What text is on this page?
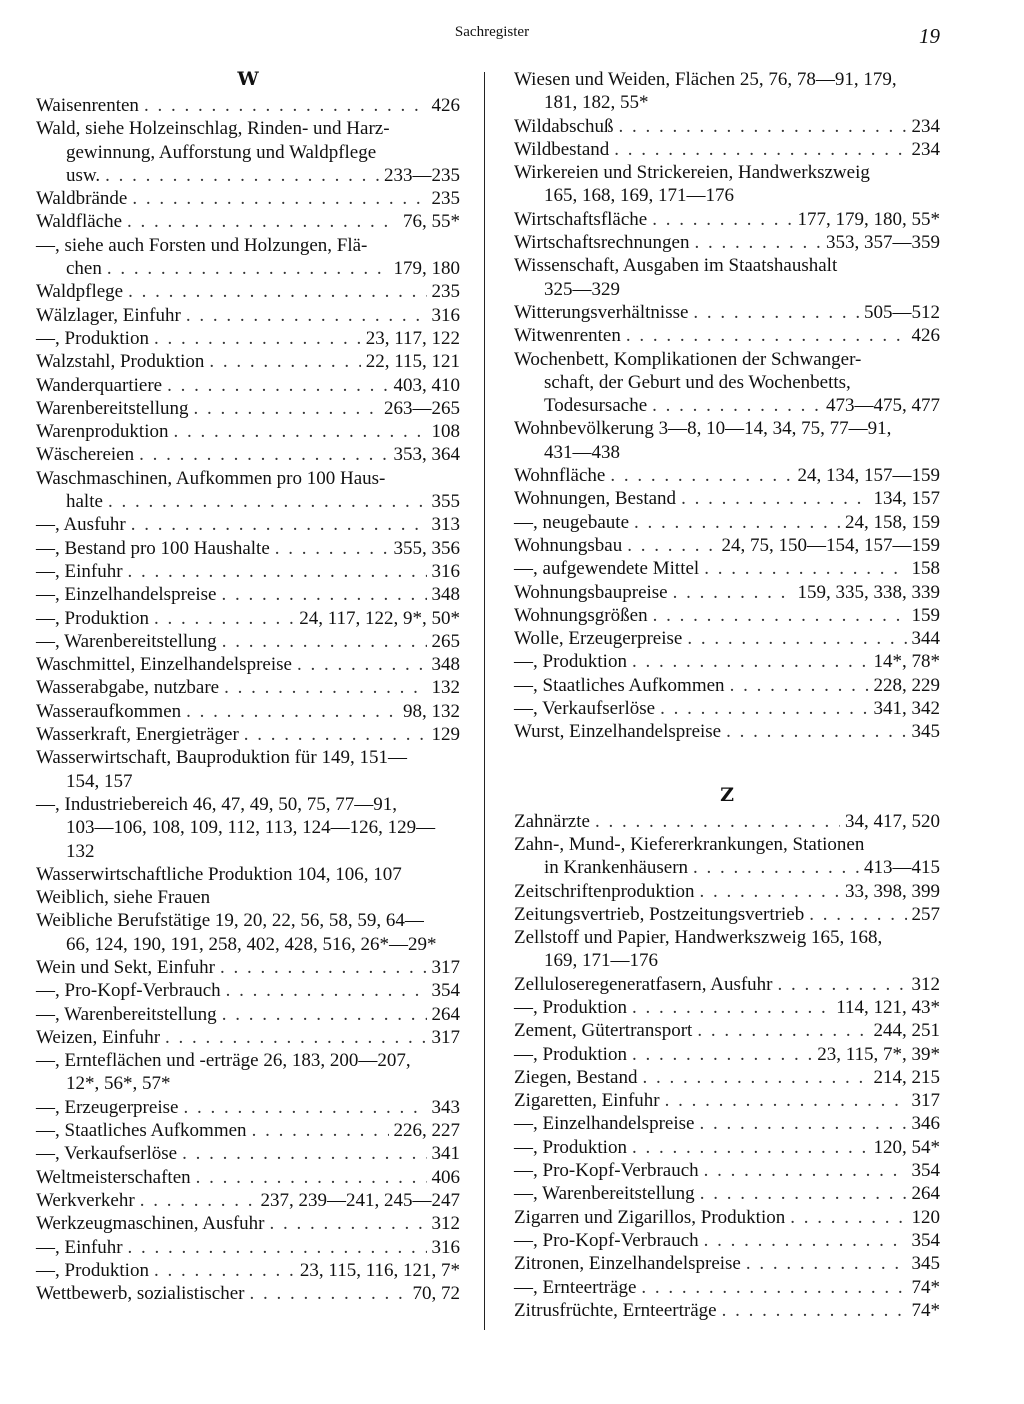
Sachregister	19
W
Waisenrenten . . .	426
Wald, siehe Holzeinschlag, Rinden- und Harz-
gewinnung, Aufforstung und Waldpflege
usw. . . .	233—235
Waldbrände . . .	235
Waldfläche . . .	76, 55*
—, siehe auch Forsten und Holzungen, Flä-
chen . . .	179, 180
Waldpflege . . .	235
Wälzlager, Einfuhr . . .	316
—, Produktion . . .	23, 117, 122
Walzstahl, Produktion . . .	22, 115, 121
Wanderquartiere . . .	403, 410
Warenbereitstellung . . .	263—265
Warenproduktion . . .	108
Wäschereien . . .	353, 364
Waschmaschinen, Aufkommen pro 100 Haus-
halte . . .	355
—, Ausfuhr . . .	313
—, Bestand pro 100 Haushalte . . .	355, 356
—, Einfuhr . . .	316
—, Einzelhandelspreise . . .	348
—, Produktion . . .	24, 117, 122, 9*, 50*
—, Warenbereitstellung . . .	265
Waschmittel, Einzelhandelspreise . . .	348
Wasserabgabe, nutzbare . . .	132
Wasseraufkommen . . .	98, 132
Wasserkraft, Energieträger . . .	129
Wasserwirtschaft, Bauproduktion für 149, 151—
154, 157
—, Industriebereich 46, 47, 49, 50, 75, 77—91,
103—106, 108, 109, 112, 113, 124—126, 129—
132
Wasserwirtschaftliche Produktion 104, 106, 107
Weiblich, siehe Frauen
Weibliche Berufstätige 19, 20, 22, 56, 58, 59, 64—
66, 124, 190, 191, 258, 402, 428, 516, 26*—29*
Wein und Sekt, Einfuhr . . .	317
—, Pro-Kopf-Verbrauch . . .	354
—, Warenbereitstellung . . .	264
Weizen, Einfuhr . . .	317
—, Ernteflächen und -erträge 26, 183, 200—207,
12*, 56*, 57*
—, Erzeugerpreise . . .	343
—, Staatliches Aufkommen . . .	226, 227
—, Verkaufserlöse . . .	341
Weltmeisterschaften . . .	406
Werkverkehr . . .	237, 239—241, 245—247
Werkzeugmaschinen, Ausfuhr . . .	312
—, Einfuhr . . .	316
—, Produktion . . .	23, 115, 116, 121, 7*
Wettbewerb, sozialistischer . . .	70, 72
Wiesen und Weiden, Flächen 25, 76, 78—91, 179,
181, 182, 55*
Wildabschuß . . .	234
Wildbestand . . .	234
Wirkereien und Strickereien, Handwerkszweig
165, 168, 169, 171—176
Wirtschaftsfläche . . .	177, 179, 180, 55*
Wirtschaftsrechnungen . . .	353, 357—359
Wissenschaft, Ausgaben im Staatshaushalt
325—329
Witterungsverhältnisse . . .	505—512
Witwenrenten . . .	426
Wochenbett, Komplikationen der Schwanger-
schaft, der Geburt und des Wochenbetts,
Todesursache . . .	473—475, 477
Wohnbevölkerung 3—8, 10—14, 34, 75, 77—91,
431—438
Wohnfläche . . .	24, 134, 157—159
Wohnungen, Bestand . . .	134, 157
—, neugebaute . . .	24, 158, 159
Wohnungsbau . . .	24, 75, 150—154, 157—159
—, aufgewendete Mittel . . .	158
Wohnungsbaupreise . . .	159, 335, 338, 339
Wohnungsgrößen . . .	159
Wolle, Erzeugerpreise . . .	344
—, Produktion . . .	14*, 78*
—, Staatliches Aufkommen . . .	228, 229
—, Verkaufserlöse . . .	341, 342
Wurst, Einzelhandelspreise . . .	345
Z
Zahnärzte . . .	34, 417, 520
Zahn-, Mund-, Kiefererkrankungen, Stationen
in Krankenhäusern . . .	413—415
Zeitschriftenproduktion . . .	33, 398, 399
Zeitungsvertrieb, Postzeitungsvertrieb . . .	257
Zellstoff und Papier, Handwerkszweig 165, 168,
169, 171—176
Zelluloseregeneratfasern, Ausfuhr . . .	312
—, Produktion . . .	114, 121, 43*
Zement, Gütertransport . . .	244, 251
—, Produktion . . .	23, 115, 7*, 39*
Ziegen, Bestand . . .	214, 215
Zigaretten, Einfuhr . . .	317
—, Einzelhandelspreise . . .	346
—, Produktion . . .	120, 54*
—, Pro-Kopf-Verbrauch . . .	354
—, Warenbereitstellung . . .	264
Zigarren und Zigarillos, Produktion . . .	120
—, Pro-Kopf-Verbrauch . . .	354
Zitronen, Einzelhandelspreise . . .	345
—, Ernteerträge . . .	74*
Zitrusfrüchte, Ernteerträge . . .	74*
